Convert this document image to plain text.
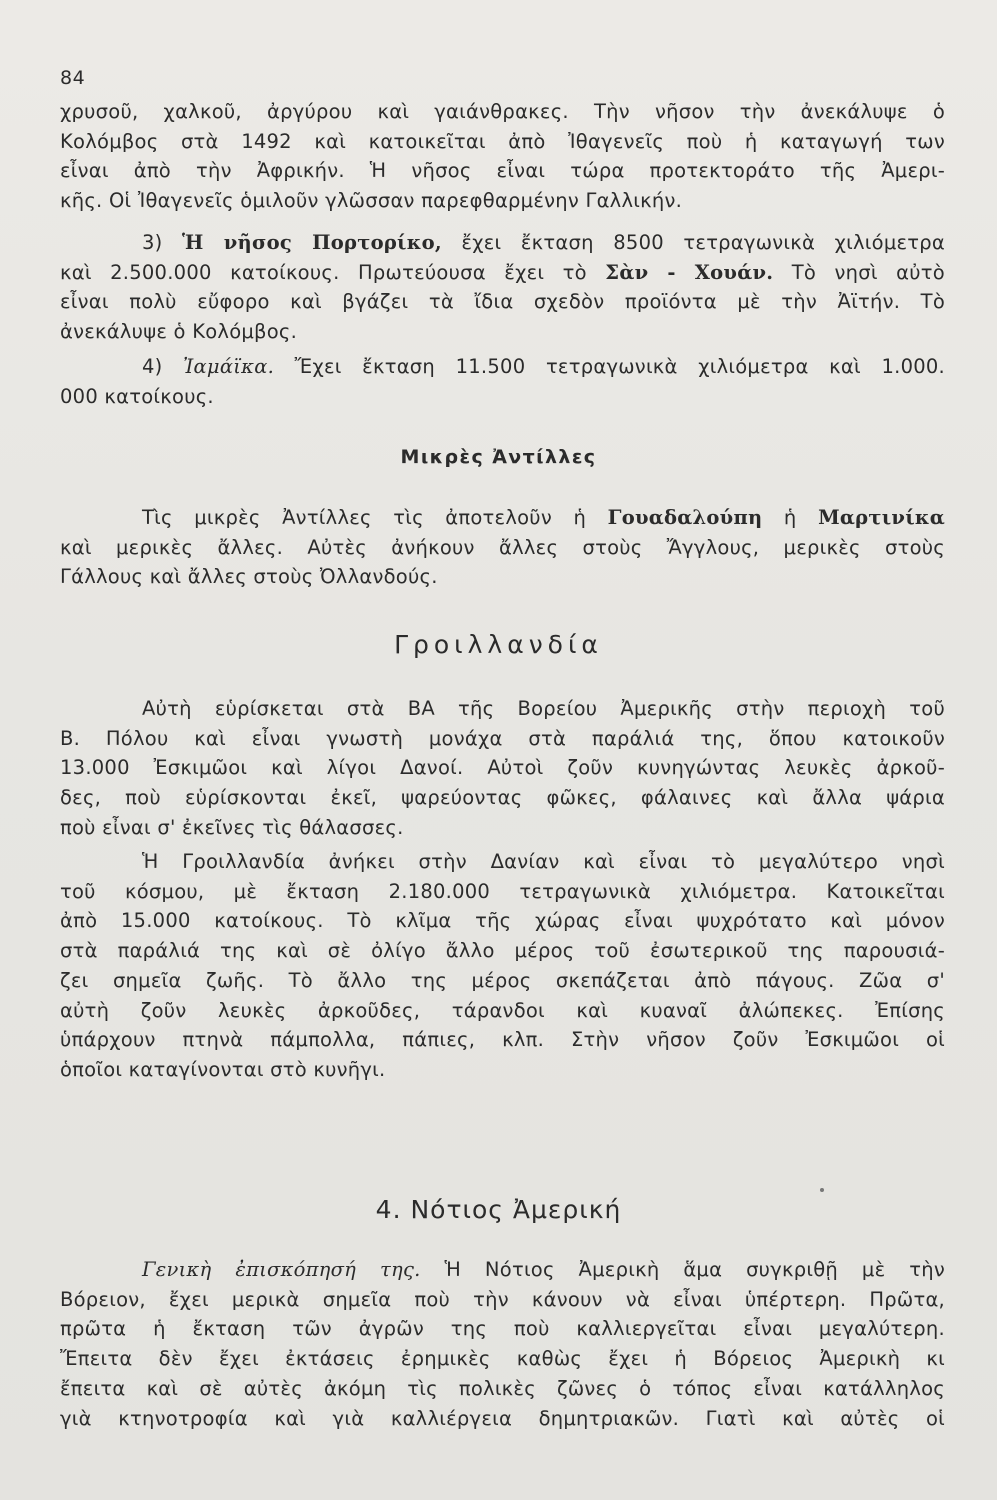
84
χρυσοῦ, χαλκοῦ, ἀργύρου καὶ γαιάνθρακες. Τὴν νῆσον τὴν ἀνεκάλυψε ὁ
Κολόμβος στὰ 1492 καὶ κατοικεῖται ἀπὸ Ἰθαγενεῖς ποὺ ἡ καταγωγή των
εἶναι ἀπὸ τὴν Ἀφρικήν. Ἡ νῆσος εἶναι τώρα προτεκτοράτο τῆς Ἀμερι-
κῆς. Οἱ Ἰθαγενεῖς ὁμιλοῦν γλῶσσαν παρεφθαρμένην Γαλλικήν.
3) Ἡ νῆσος Πορτορίκο, ἔχει ἔκταση 8500 τετραγωνικὰ χιλιόμετρα
καὶ 2.500.000 κατοίκους. Πρωτεύουσα ἔχει τὸ Σὰν - Χουάν. Τὸ νησὶ αὐτὸ
εἶναι πολὺ εὔφορο καὶ βγάζει τὰ ἴδια σχεδὸν προϊόντα μὲ τὴν Ἀϊτήν. Τὸ
ἀνεκάλυψε ὁ Κολόμβος.
4) Ἰαμάϊκα. Ἔχει ἔκταση 11.500 τετραγωνικὰ χιλιόμετρα καὶ 1.000.
000 κατοίκους.
Μικρὲς Ἀντίλλες
Τὶς μικρὲς Ἀντίλλες τὶς ἀποτελοῦν ἡ Γουαδαλούπη ἡ Μαρτινίκα
καὶ μερικὲς ἄλλες. Αὐτὲς ἀνήκουν ἄλλες στοὺς Ἄγγλους, μερικὲς στοὺς
Γάλλους καὶ ἄλλες στοὺς Ὀλλανδούς.
Γροιλλανδία
Αὐτὴ εὑρίσκεται στὰ ΒΑ τῆς Βορείου Ἀμερικῆς στὴν περιοχὴ τοῦ
Β. Πόλου καὶ εἶναι γνωστὴ μονάχα στὰ παράλιά της, ὅπου κατοικοῦν
13.000 Ἐσκιμῶοι καὶ λίγοι Δανοί. Αὐτοὶ ζοῦν κυνηγώντας λευκὲς ἀρκοῦ-
δες, ποὺ εὑρίσκονται ἐκεῖ, ψαρεύοντας φῶκες, φάλαινες καὶ ἄλλα ψάρια
ποὺ εἶναι σ' ἐκεῖνες τὶς θάλασσες.
Ἡ Γροιλλανδία ἀνήκει στὴν Δανίαν καὶ εἶναι τὸ μεγαλύτερο νησὶ
τοῦ κόσμου, μὲ ἔκταση 2.180.000 τετραγωνικὰ χιλιόμετρα. Κατοικεῖται
ἀπὸ 15.000 κατοίκους. Τὸ κλῖμα τῆς χώρας εἶναι ψυχρότατο καὶ μόνον
στὰ παράλιά της καὶ σὲ ὀλίγο ἄλλο μέρος τοῦ ἐσωτερικοῦ της παρουσιά-
ζει σημεῖα ζωῆς. Τὸ ἄλλο της μέρος σκεπάζεται ἀπὸ πάγους. Ζῶα σ'
αὐτὴ ζοῦν λευκὲς ἀρκοῦδες, τάρανδοι καὶ κυαναῖ ἀλώπεκες. Ἐπίσης
ὑπάρχουν πτηνὰ πάμπολλα, πάπιες, κλπ. Στὴν νῆσον ζοῦν Ἐσκιμῶοι οἱ
ὁποῖοι καταγίνονται στὸ κυνῆγι.
4. Νότιος Ἀμερική
Γενικὴ ἐπισκόπησή της. Ἡ Νότιος Ἀμερικὴ ἅμα συγκριθῇ μὲ τὴν
Βόρειον, ἔχει μερικὰ σημεῖα ποὺ τὴν κάνουν νὰ εἶναι ὑπέρτερη. Πρῶτα,
πρῶτα ἡ ἔκταση τῶν ἀγρῶν της ποὺ καλλιεργεῖται εἶναι μεγαλύτερη.
Ἔπειτα δὲν ἔχει ἐκτάσεις ἐρημικὲς καθὼς ἔχει ἡ Βόρειος Ἀμερικὴ κι
ἔπειτα καὶ σὲ αὐτὲς ἀκόμη τὶς πολικὲς ζῶνες ὁ τόπος εἶναι κατάλληλος
γιὰ κτηνοτροφία καὶ γιὰ καλλιέργεια δημητριακῶν. Γιατὶ καὶ αὐτὲς οἱ
